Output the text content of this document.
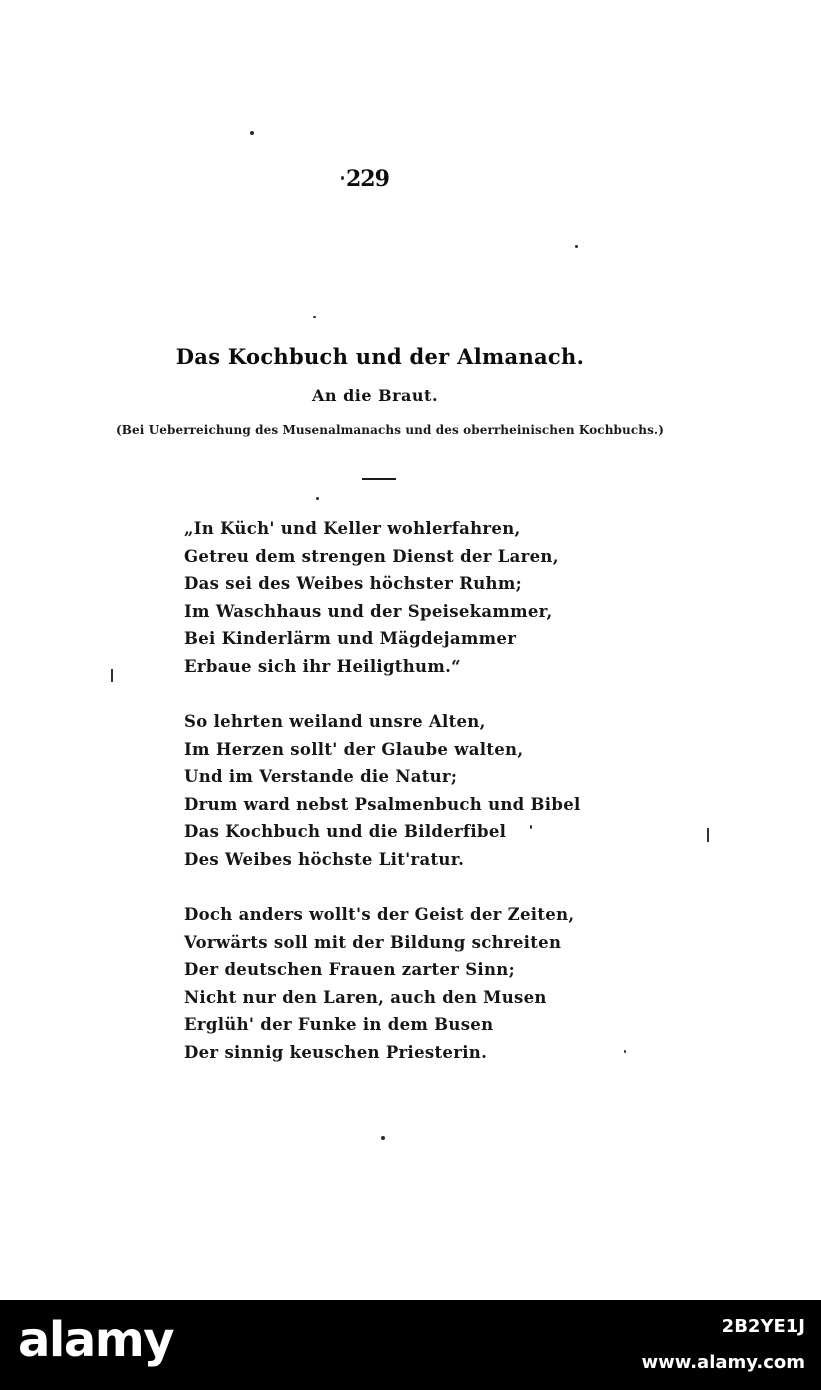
229
Das Kochbuch und der Almanach.
An die Braut.
(Bei Ueberreichung des Musenalmanachs und des oberrheinischen Kochbuchs.)
„In Küch' und Keller wohlerfahren,
Getreu dem strengen Dienst der Laren,
Das sei des Weibes höchster Ruhm;
Im Waschhaus und der Speisekammer,
Bei Kinderlärm und Mägdejammer
Erbaue sich ihr Heiligthum.“
So lehrten weiland unsre Alten,
Im Herzen sollt' der Glaube walten,
Und im Verstande die Natur;
Drum ward nebst Psalmenbuch und Bibel
Das Kochbuch und die Bilderfibel
Des Weibes höchste Lit'ratur.
Doch anders wollt's der Geist der Zeiten,
Vorwärts soll mit der Bildung schreiten
Der deutschen Frauen zarter Sinn;
Nicht nur den Laren, auch den Musen
Erglüh' der Funke in dem Busen
Der sinnig keuschen Priesterin.
alamy	2B2YE1J
www.alamy.com
